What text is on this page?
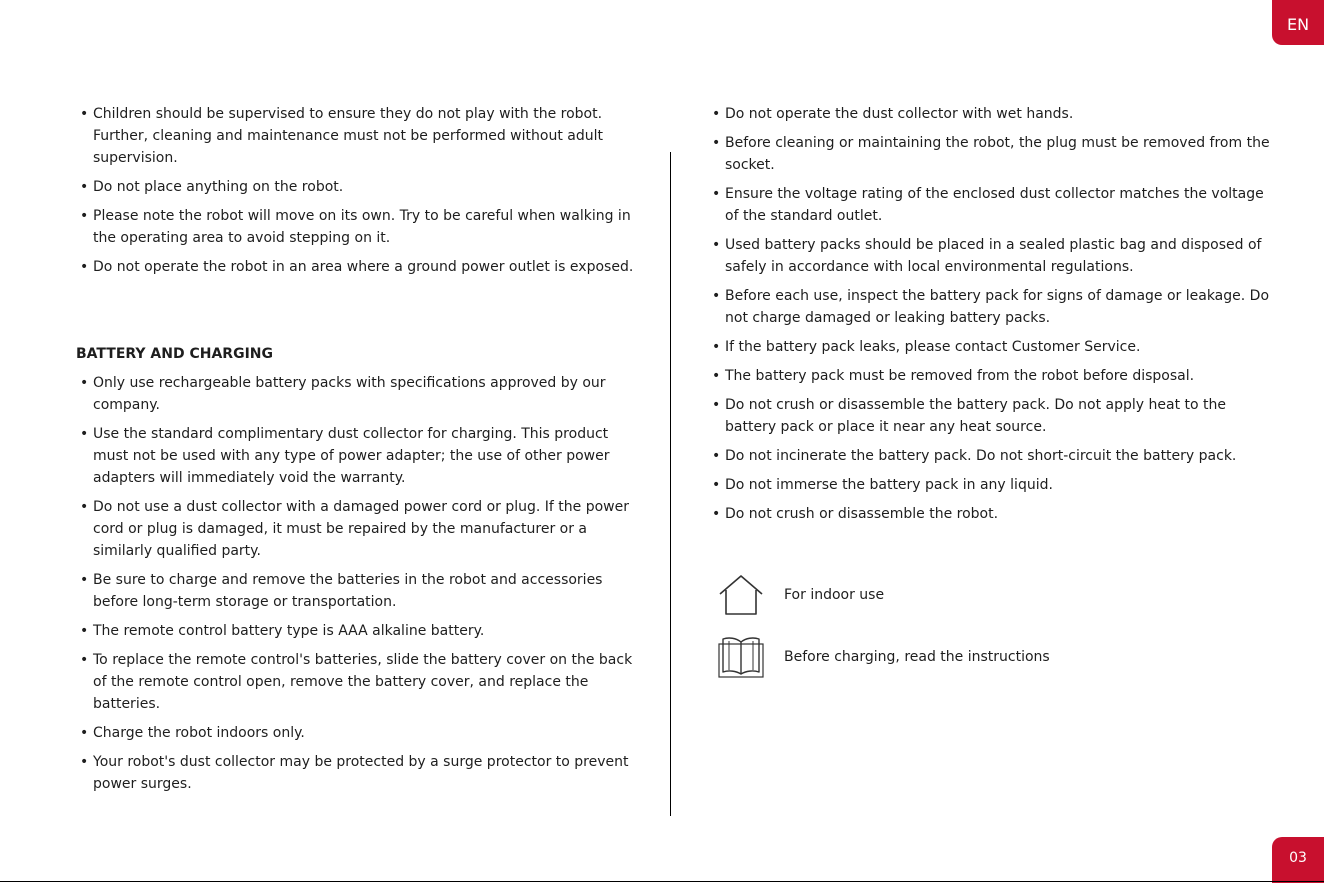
EN
• Children should be supervised to ensure they do not play with the robot. Further, cleaning and maintenance must not be performed without adult supervision.
• Do not place anything on the robot.
• Please note the robot will move on its own. Try to be careful when walking in the operating area to avoid stepping on it.
• Do not operate the robot in an area where a ground power outlet is exposed.
BATTERY AND CHARGING
• Only use rechargeable battery packs with specifications approved by our company.
• Use the standard complimentary dust collector for charging. This product must not be used with any type of power adapter; the use of other power adapters will immediately void the warranty.
• Do not use a dust collector with a damaged power cord or plug. If the power cord or plug is damaged, it must be repaired by the manufacturer or a similarly qualified party.
• Be sure to charge and remove the batteries in the robot and accessories before long-term storage or transportation.
• The remote control battery type is AAA alkaline battery.
• To replace the remote control's batteries, slide the battery cover on the back of the remote control open, remove the battery cover, and replace the batteries.
• Charge the robot indoors only.
• Your robot's dust collector may be protected by a surge protector to prevent power surges.
• Do not operate the dust collector with wet hands.
• Before cleaning or maintaining the robot, the plug must be removed from the socket.
• Ensure the voltage rating of the enclosed dust collector matches the voltage of the standard outlet.
• Used battery packs should be placed in a sealed plastic bag and disposed of safely in accordance with local environmental regulations.
• Before each use, inspect the battery pack for signs of damage or leakage. Do not charge damaged or leaking battery packs.
• If the battery pack leaks, please contact Customer Service.
• The battery pack must be removed from the robot before disposal.
• Do not crush or disassemble the battery pack. Do not apply heat to the battery pack or place it near any heat source.
• Do not incinerate the battery pack. Do not short-circuit the battery pack.
• Do not immerse the battery pack in any liquid.
• Do not crush or disassemble the robot.
For indoor use
Before charging, read the instructions
03
